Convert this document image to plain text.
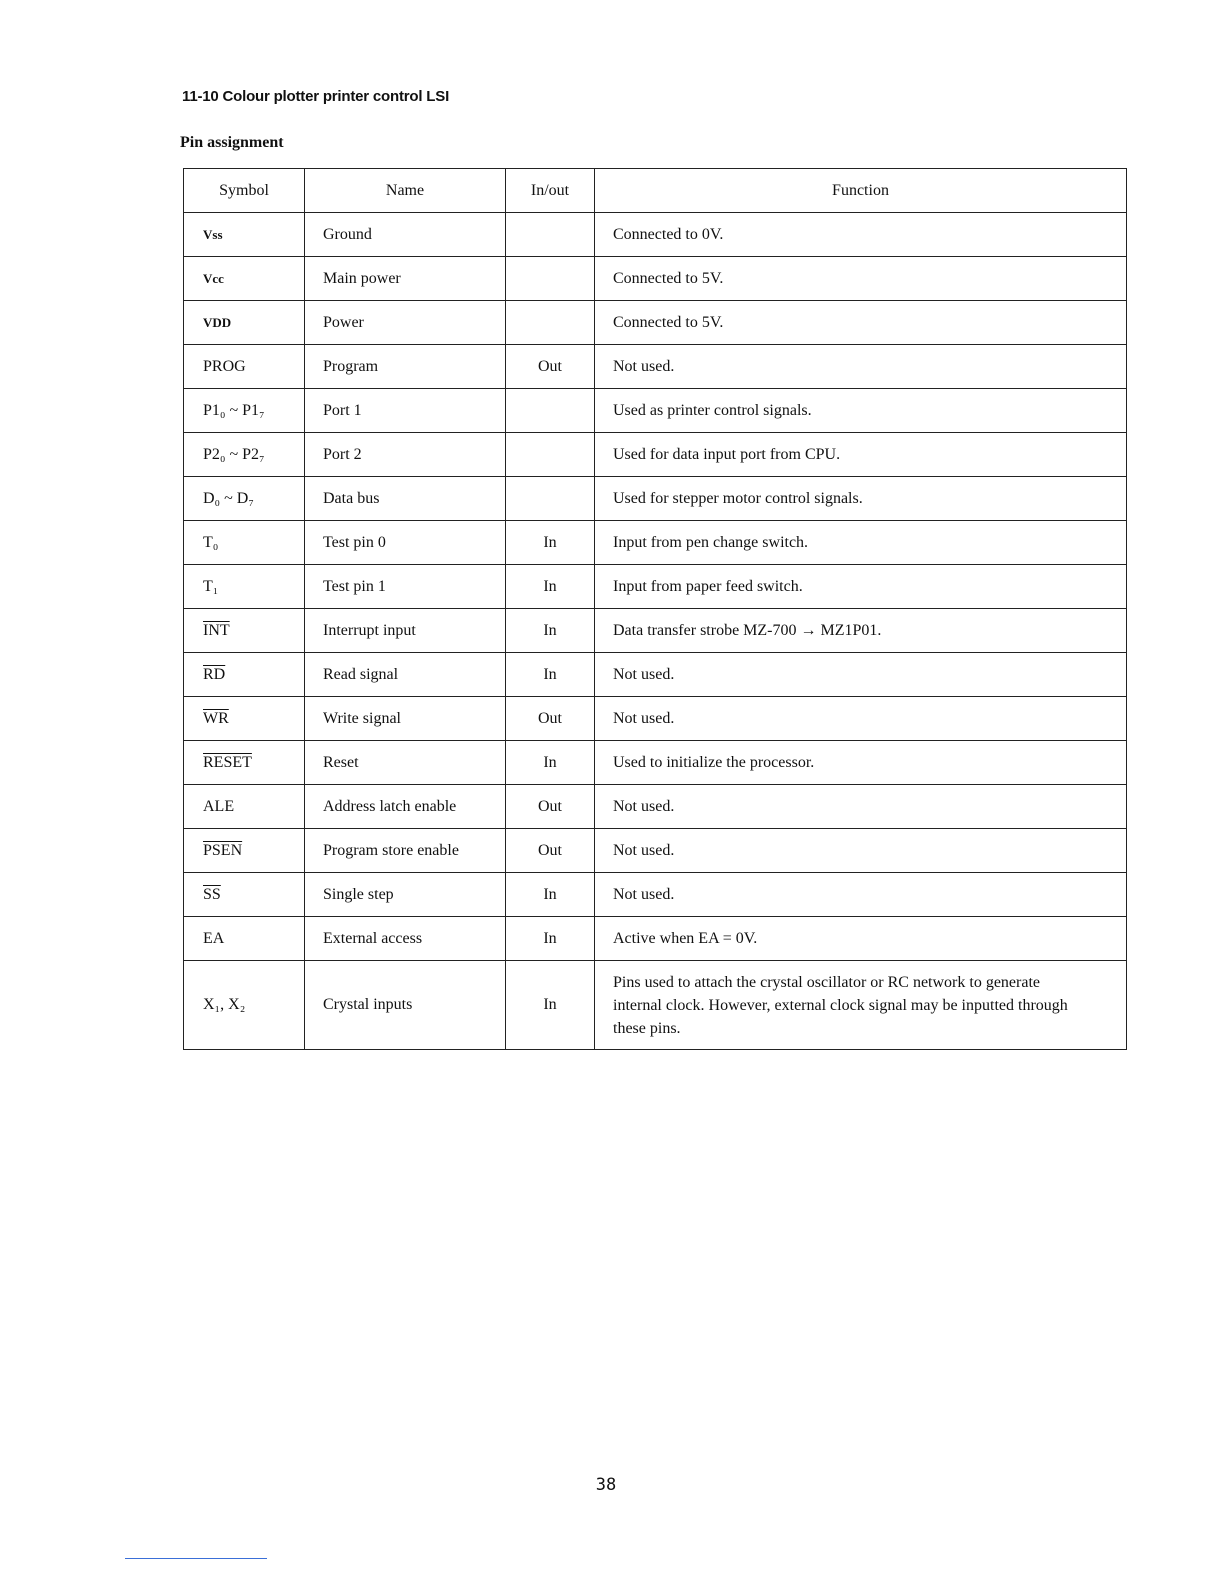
11-10 Colour plotter printer control LSI
Pin assignment
Symbol	Name	In/out	Function
Vss	Ground		Connected to 0V.
Vcc	Main power		Connected to 5V.
VDD	Power		Connected to 5V.
PROG	Program	Out	Not used.
P1₀ ~ P1₇	Port 1		Used as printer control signals.
P2₀ ~ P2₇	Port 2		Used for data input port from CPU.
D₀ ~ D₇	Data bus		Used for stepper motor control signals.
T₀	Test pin 0	In	Input from pen change switch.
T₁	Test pin 1	In	Input from paper feed switch.
$\overline{INT}$	Interrupt input	In	Data transfer strobe MZ-700 → MZ1P01.
$\overline{RD}$	Read signal	In	Not used.
$\overline{WR}$	Write signal	Out	Not used.
RESET	Reset	In	Used to initialize the processor.
ALE	Address latch enable	Out	Not used.
PSEN	Program store enable	Out	Not used.
$\overline{SS}$	Single step	In	Not used.
EA	External access	In	Active when EA = 0V.
X₁, X₂	Crystal inputs	In	Pins used to attach the crystal oscillator or RC network to generate internal clock. However, external clock signal may be inputted through these pins.
38
